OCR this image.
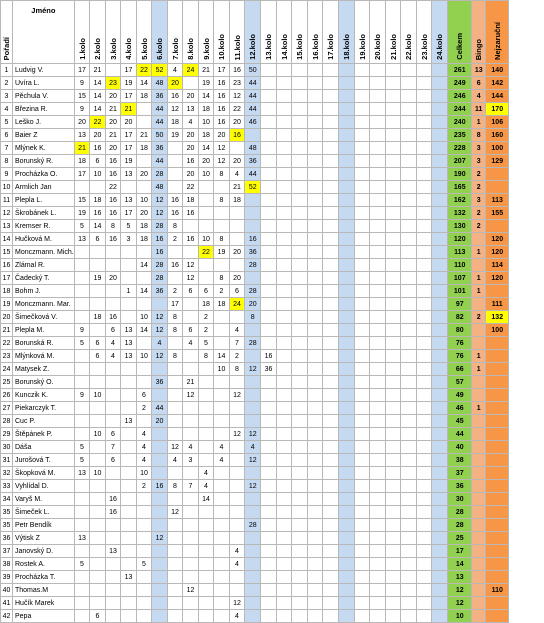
Pořadí	Jméno	1.kolo	2.kolo	3.kolo	4.kolo	5.kolo	6.kolo	7.kolo	8.kolo	9.kolo	10.kolo	11.kolo	12.kolo	13.kolo	14.kolo	15.kolo	16.kolo	17.kolo	18.kolo	19.kolo	20.kolo	21.kolo	22.kolo	23.kolo	24.kolo	Celkem	Bingo	Nejzaruční
1	Ludvig V.	17	21		17	22	52	4	24	21	17	16	50													261	13	140
2	Uvíra L.	9	14	23	19	14	48	20		19	16	23	44													249	6	142
3	Pěchula V.	15	14	20	17	18	36	16	20	14	16	12	44													246	4	144
4	Březina R.	9	14	21	21		44	12	13	18	16	22	44													244	11	170
5	Leško J.	20	22	20	20		44	18	4	10	16	20	46													240	1	106
6	Baier Z	13	20	21	17	21	50	19	20	18	20	16														235	8	160
7	Mlýnek K.	21	16	20	17	18	36		20	14	12		48													228	3	100
8	Borunský R.	18	6	16	19		44		16	20	12	20	36													207	3	129
9	Procházka O.	17	10	16	13	20	28		20	10	8	4	44													190	2	
10	Armlich Jan			22			48		22			21	52													165	2	
11	Plepla L.	15	18	16	13	10	12	16	18		8	18														162	3	113
12	Škrobánek L.	19	16	16	17	20	12	16	16																	132	2	155
13	Kremser R.	5	14	8	5	18	28	8																		130	2	
14	Hučková M.	13	6	16	3	18	16	2	16	10	8		16													120		120
15	Monczmann. Mich.						16			22	19	20	36													113	1	120
16	Zlámal R.					14	28	16	12				28													110		114
17	Čadecký T.		19	20			28		12		8	20														107	1	120
18	Bohm J.				1	14	36	2	6	6	2	6	28													101	1	
19	Monczmann. Mar.							17		18	18	24	20													97		111
20	Šimečková V.		18	16		10	12	8		2			8													82	2	132
21	Plepla M.	9		6	13	14	12	8	6	2		4														80		100
22	Borunská R.	5	6	4	13		4		4	5		7	28													76		
23	Mlýnková M.		6	4	13	10	12	8		8	14	2		16												76	1	
24	Matysek Z.										10	8	12	36												66	1	
25	Borunský O.						36		21																	57		
26	Kunczik K.	9	10			6			12			12														49		
27	Piekarczyk T.					2	44																			46	1	
28	Cuc P.				13		20																			45		
29	Štěpánek P.		10	6		4						12	12													44		
30	Dáša	5		7		4		12	4		4		4													40		
31	Jurošová T.	5		6		4		4	3		4		12													38		
32	Škopková M.	13	10			10				4																37		
33	Vyhlídal D.					2	16	8	7	4			12													36		
34	Varyš M.			16						14																30		
35	Šimeček L.			16				12																		28		
35	Petr Bendík												28													28		
36	Výtisk Z	13					12																			25		
37	Janovský D.			13								4														17		
38	Rostek A.	5				5						4														14		
39	Procházka T.				13																					13		
40	Thomas.M								12																	12		110
41	Hučík Marek											12														12		
42	Pepa		6									4														10		
